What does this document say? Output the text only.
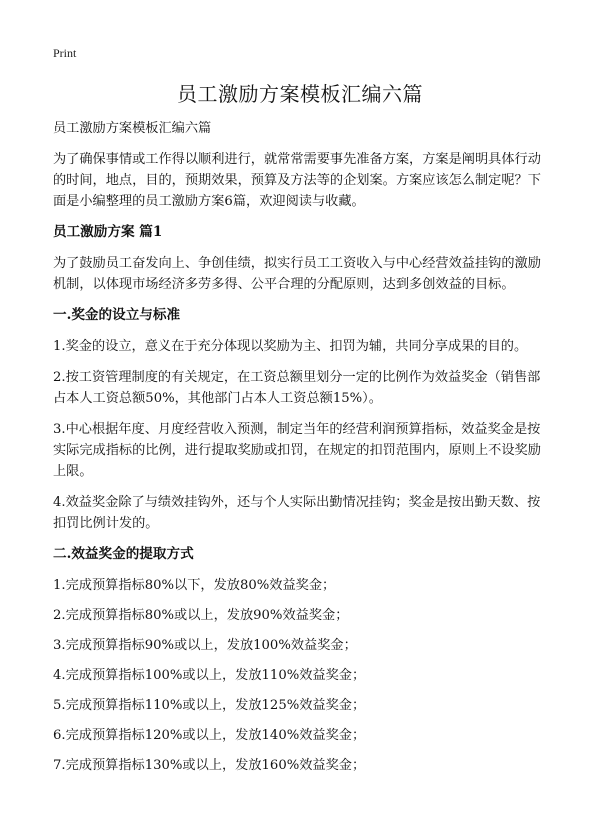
Print
员工激励方案模板汇编六篇

员工激励方案模板汇编六篇

为了确保事情或工作得以顺利进行，就常常需要事先准备方案，方案是阐明具体行动的时间，地点，目的，预期效果，预算及方法等的企划案。方案应该怎么制定呢？下面是小编整理的员工激励方案6篇，欢迎阅读与收藏。

员工激励方案 篇1

为了鼓励员工奋发向上、争创佳绩，拟实行员工工资收入与中心经营效益挂钩的激励机制，以体现市场经济多劳多得、公平合理的分配原则，达到多创效益的目标。

一.奖金的设立与标准

1.奖金的设立，意义在于充分体现以奖励为主、扣罚为辅，共同分享成果的目的。

2.按工资管理制度的有关规定，在工资总额里划分一定的比例作为效益奖金（销售部占本人工资总额50%，其他部门占本人工资总额15%）。

3.中心根据年度、月度经营收入预测，制定当年的经营利润预算指标，效益奖金是按实际完成指标的比例，进行提取奖励或扣罚，在规定的扣罚范围内，原则上不设奖励上限。

4.效益奖金除了与绩效挂钩外，还与个人实际出勤情况挂钩；奖金是按出勤天数、按扣罚比例计发的。

二.效益奖金的提取方式

1.完成预算指标80%以下，发放80%效益奖金；

2.完成预算指标80%或以上，发放90%效益奖金；

3.完成预算指标90%或以上，发放100%效益奖金；

4.完成预算指标100%或以上，发放110%效益奖金；

5.完成预算指标110%或以上，发放125%效益奖金；

6.完成预算指标120%或以上，发放140%效益奖金；

7.完成预算指标130%或以上，发放160%效益奖金；
